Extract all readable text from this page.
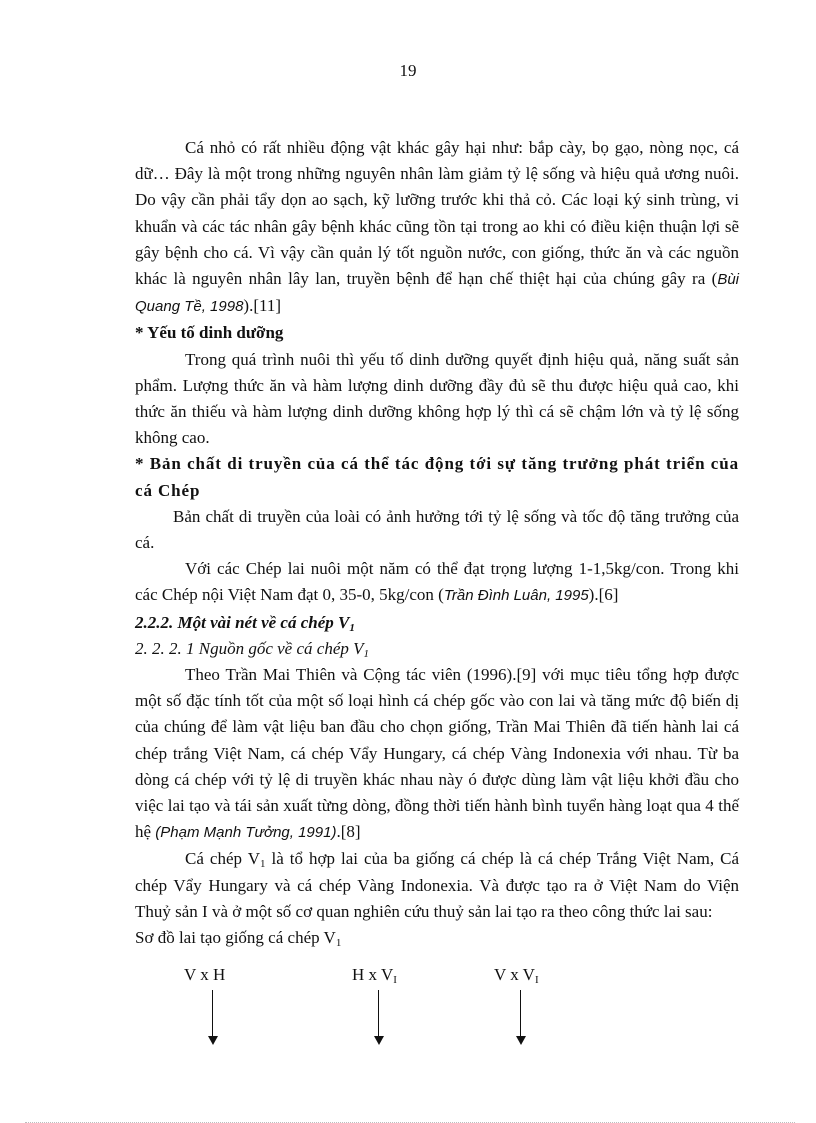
19

Cá nhỏ có rất nhiều động vật khác gây hại như: bắp cày, bọ gạo, nòng nọc, cá dữ… Đây là một trong những nguyên nhân làm giảm tỷ lệ sống và hiệu quả ương nuôi. Do vậy cần phải tẩy dọn ao sạch, kỹ lưỡng trước khi thả cỏ. Các loại ký sinh trùng, vi khuẩn và các tác nhân gây bệnh khác cũng tồn tại trong ao khi có điều kiện thuận lợi sẽ gây bệnh cho cá. Vì vậy cần quản lý tốt nguồn nước, con giống, thức ăn và các nguồn khác là nguyên nhân lây lan, truyền bệnh để hạn chế thiệt hại của chúng gây ra (Bùi Quang Tề, 1998).[11]

* Yếu tố dinh dưỡng

Trong quá trình nuôi thì yếu tố dinh dưỡng quyết định hiệu quả, năng suất sản phẩm. Lượng thức ăn và hàm lượng dinh dưỡng đầy đủ sẽ thu được hiệu quả cao, khi thức ăn thiếu và hàm lượng dinh dưỡng không hợp lý thì cá sẽ chậm lớn và tỷ lệ sống không cao.

* Bản chất di truyền của cá thể tác động tới sự tăng trưởng phát triển của cá Chép

Bản chất di truyền của loài có ảnh hưởng tới tỷ lệ sống và tốc độ tăng trưởng của cá.

Với các Chép lai nuôi một năm có thể đạt trọng lượng 1-1,5kg/con. Trong khi các Chép nội Việt Nam đạt 0, 35-0, 5kg/con (Trần Đình Luân, 1995).[6]

2.2.2. Một vài nét về cá chép $V_1$

2. 2. 2. 1 Nguồn gốc về cá chép $V_1$

Theo Trần Mai Thiên và Cộng tác viên (1996).[9] với mục tiêu tổng hợp được một số đặc tính tốt của một số loại hình cá chép gốc vào con lai và tăng mức độ biến dị của chúng để làm vật liệu ban đầu cho chọn giống, Trần Mai Thiên đã tiến hành lai cá chép trắng Việt Nam, cá chép Vẩy Hungary, cá chép Vàng Indonexia với nhau. Từ ba dòng cá chép với tỷ lệ di truyền khác nhau này ó được dùng làm vật liệu khởi đầu cho việc lai tạo và tái sản xuất từng dòng, đồng thời tiến hành bình tuyển hàng loạt qua 4 thế hệ (Phạm Mạnh Tưởng, 1991).[8]

Cá chép $V_1$ là tổ hợp lai của ba giống cá chép là cá chép Trắng Việt Nam, Cá chép Vẩy Hungary và cá chép Vàng Indonexia. Và được tạo ra ở Việt Nam do Viện Thuỷ sản I và ở một số cơ quan nghiên cứu thuỷ sản lai tạo ra theo công thức lai sau:

Sơ đồ lai tạo giống cá chép $V_1$

V x H	H x $V_I$	V x $V_I$
